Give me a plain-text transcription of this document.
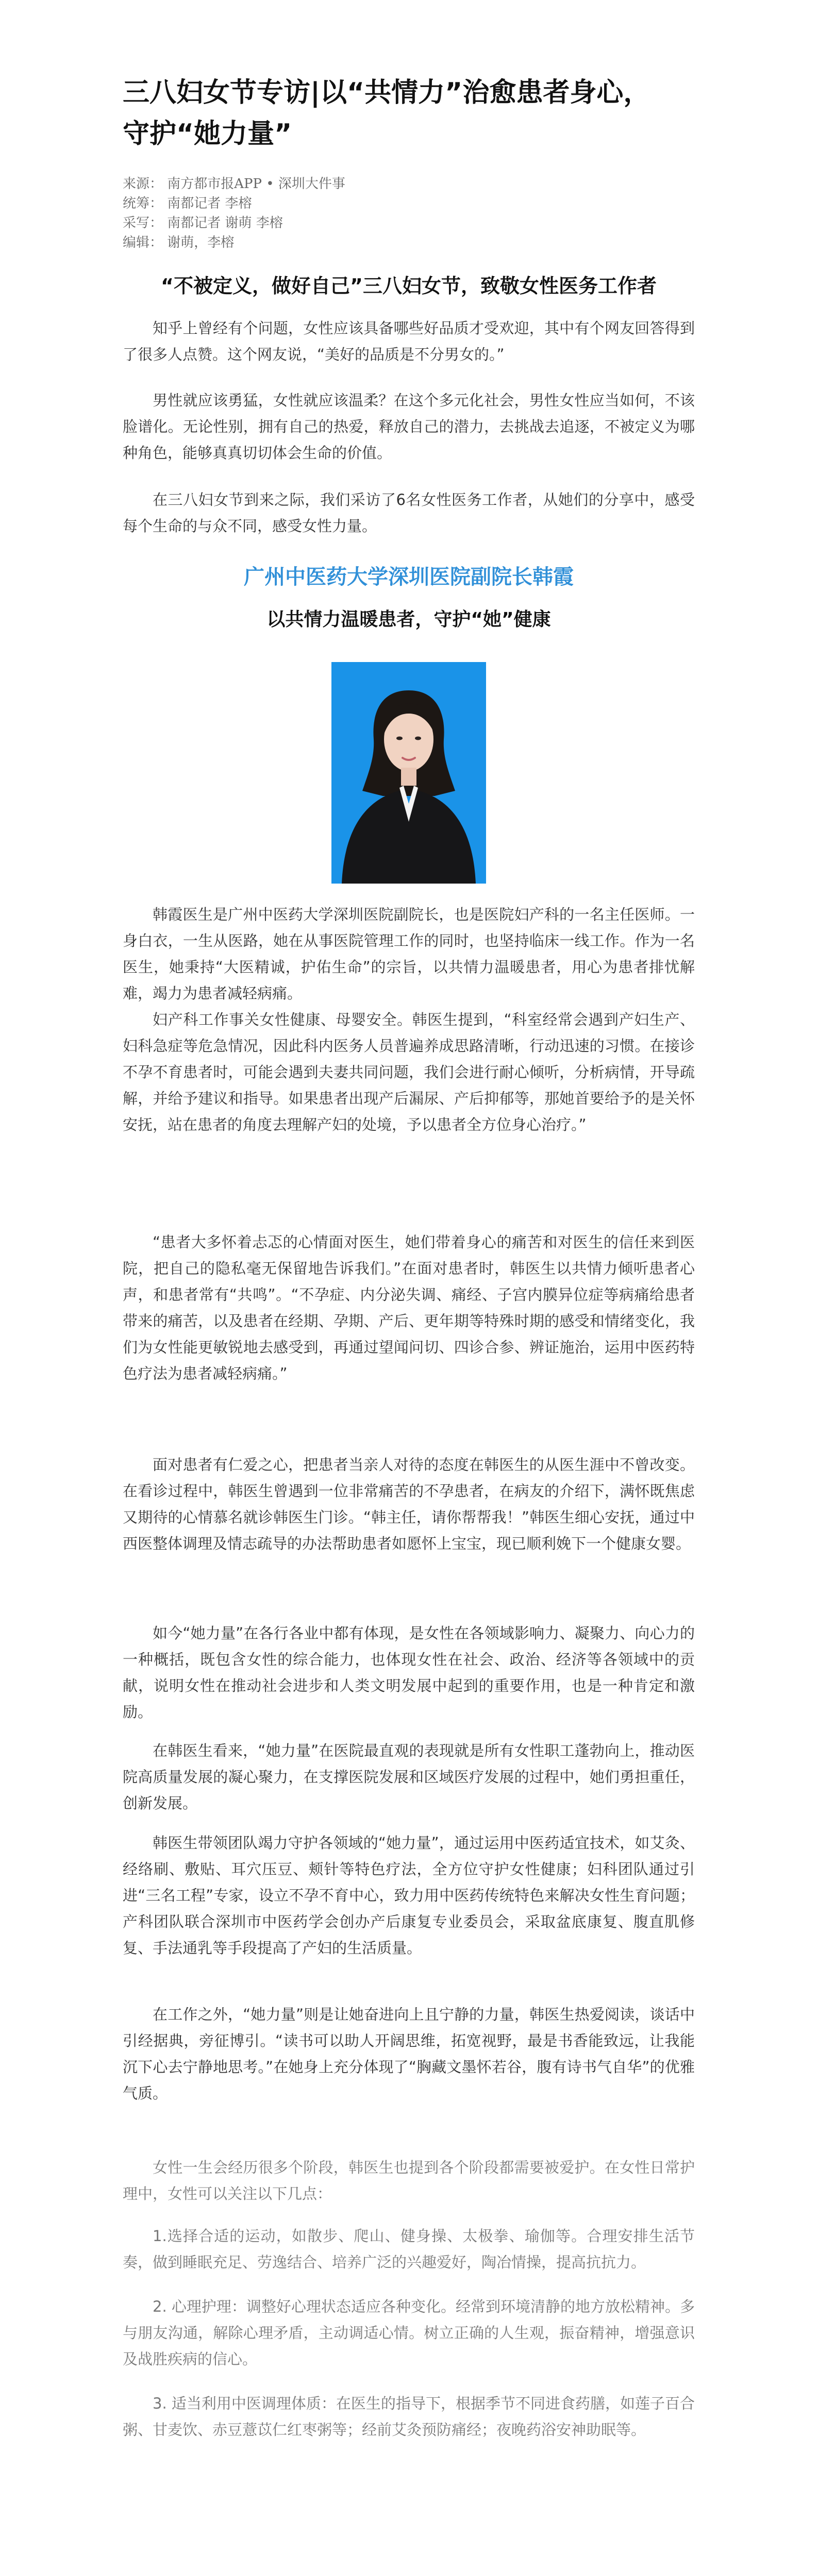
三八妇女节专访|以“共情力”治愈患者身心，
守护“她力量”
来源： 南方都市报APP • 深圳大件事
统筹： 南都记者 李榕
采写： 南都记者 谢萌 李榕
编辑： 谢萌，李榕
“不被定义，做好自己”三八妇女节，致敬女性医务工作者

知乎上曾经有个问题，女性应该具备哪些好品质才受欢迎，其中有个网友回答得到了很多人点赞。这个网友说，“美好的品质是不分男女的。”

男性就应该勇猛，女性就应该温柔？在这个多元化社会，男性女性应当如何，不该脸谱化。无论性别，拥有自己的热爱，释放自己的潜力，去挑战去追逐，不被定义为哪种角色，能够真真切切体会生命的价值。

在三八妇女节到来之际，我们采访了6名女性医务工作者，从她们的分享中，感受每个生命的与众不同，感受女性力量。

广州中医药大学深圳医院副院长韩霞
以共情力温暖患者，守护“她”健康

韩霞医生是广州中医药大学深圳医院副院长，也是医院妇产科的一名主任医师。一身白衣，一生从医路，她在从事医院管理工作的同时，也坚持临床一线工作。作为一名医生，她秉持“大医精诚，护佑生命”的宗旨，以共情力温暖患者，用心为患者排忧解难，竭力为患者减轻病痛。

妇产科工作事关女性健康、母婴安全。韩医生提到，“科室经常会遇到产妇生产、妇科急症等危急情况，因此科内医务人员普遍养成思路清晰，行动迅速的习惯。在接诊不孕不育患者时，可能会遇到夫妻共同问题，我们会进行耐心倾听，分析病情，开导疏解，并给予建议和指导。如果患者出现产后漏尿、产后抑郁等，那她首要给予的是关怀安抚，站在患者的角度去理解产妇的处境，予以患者全方位身心治疗。”

“患者大多怀着忐忑的心情面对医生，她们带着身心的痛苦和对医生的信任来到医院，把自己的隐私毫无保留地告诉我们。”在面对患者时，韩医生以共情力倾听患者心声，和患者常有“共鸣”。“不孕症、内分泌失调、痛经、子宫内膜异位症等病痛给患者带来的痛苦，以及患者在经期、孕期、产后、更年期等特殊时期的感受和情绪变化，我们为女性能更敏锐地去感受到，再通过望闻问切、四诊合参、辨证施治，运用中医药特色疗法为患者减轻病痛。”

面对患者有仁爱之心，把患者当亲人对待的态度在韩医生的从医生涯中不曾改变。在看诊过程中，韩医生曾遇到一位非常痛苦的不孕患者，在病友的介绍下，满怀既焦虑又期待的心情慕名就诊韩医生门诊。“韩主任，请你帮帮我！”韩医生细心安抚，通过中西医整体调理及情志疏导的办法帮助患者如愿怀上宝宝，现已顺利娩下一个健康女婴。

如今“她力量”在各行各业中都有体现，是女性在各领域影响力、凝聚力、向心力的一种概括，既包含女性的综合能力，也体现女性在社会、政治、经济等各领域中的贡献，说明女性在推动社会进步和人类文明发展中起到的重要作用，也是一种肯定和激励。

在韩医生看来，“她力量”在医院最直观的表现就是所有女性职工蓬勃向上，推动医院高质量发展的凝心聚力，在支撑医院发展和区域医疗发展的过程中，她们勇担重任，创新发展。

韩医生带领团队竭力守护各领域的“她力量”，通过运用中医药适宜技术，如艾灸、经络刷、敷贴、耳穴压豆、颊针等特色疗法，全方位守护女性健康；妇科团队通过引进“三名工程”专家，设立不孕不育中心，致力用中医药传统特色来解决女性生育问题；产科团队联合深圳市中医药学会创办产后康复专业委员会，采取盆底康复、腹直肌修复、手法通乳等手段提高了产妇的生活质量。

在工作之外，“她力量”则是让她奋进向上且宁静的力量，韩医生热爱阅读，谈话中引经据典，旁征博引。“读书可以助人开阔思维，拓宽视野，最是书香能致远，让我能沉下心去宁静地思考。”在她身上充分体现了“胸藏文墨怀若谷，腹有诗书气自华”的优雅气质。

女性一生会经历很多个阶段，韩医生也提到各个阶段都需要被爱护。在女性日常护理中，女性可以关注以下几点：

1.选择合适的运动，如散步、爬山、健身操、太极拳、瑜伽等。合理安排生活节奏，做到睡眠充足、劳逸结合、培养广泛的兴趣爱好，陶冶情操，提高抗抗力。

2. 心理护理：调整好心理状态适应各种变化。经常到环境清静的地方放松精神。多与朋友沟通，解除心理矛盾，主动调适心情。树立正确的人生观，振奋精神，增强意识及战胜疾病的信心。

3. 适当利用中医调理体质：在医生的指导下，根据季节不同进食药膳，如莲子百合粥、甘麦饮、赤豆薏苡仁红枣粥等；经前艾灸预防痛经；夜晚药浴安神助眠等。
